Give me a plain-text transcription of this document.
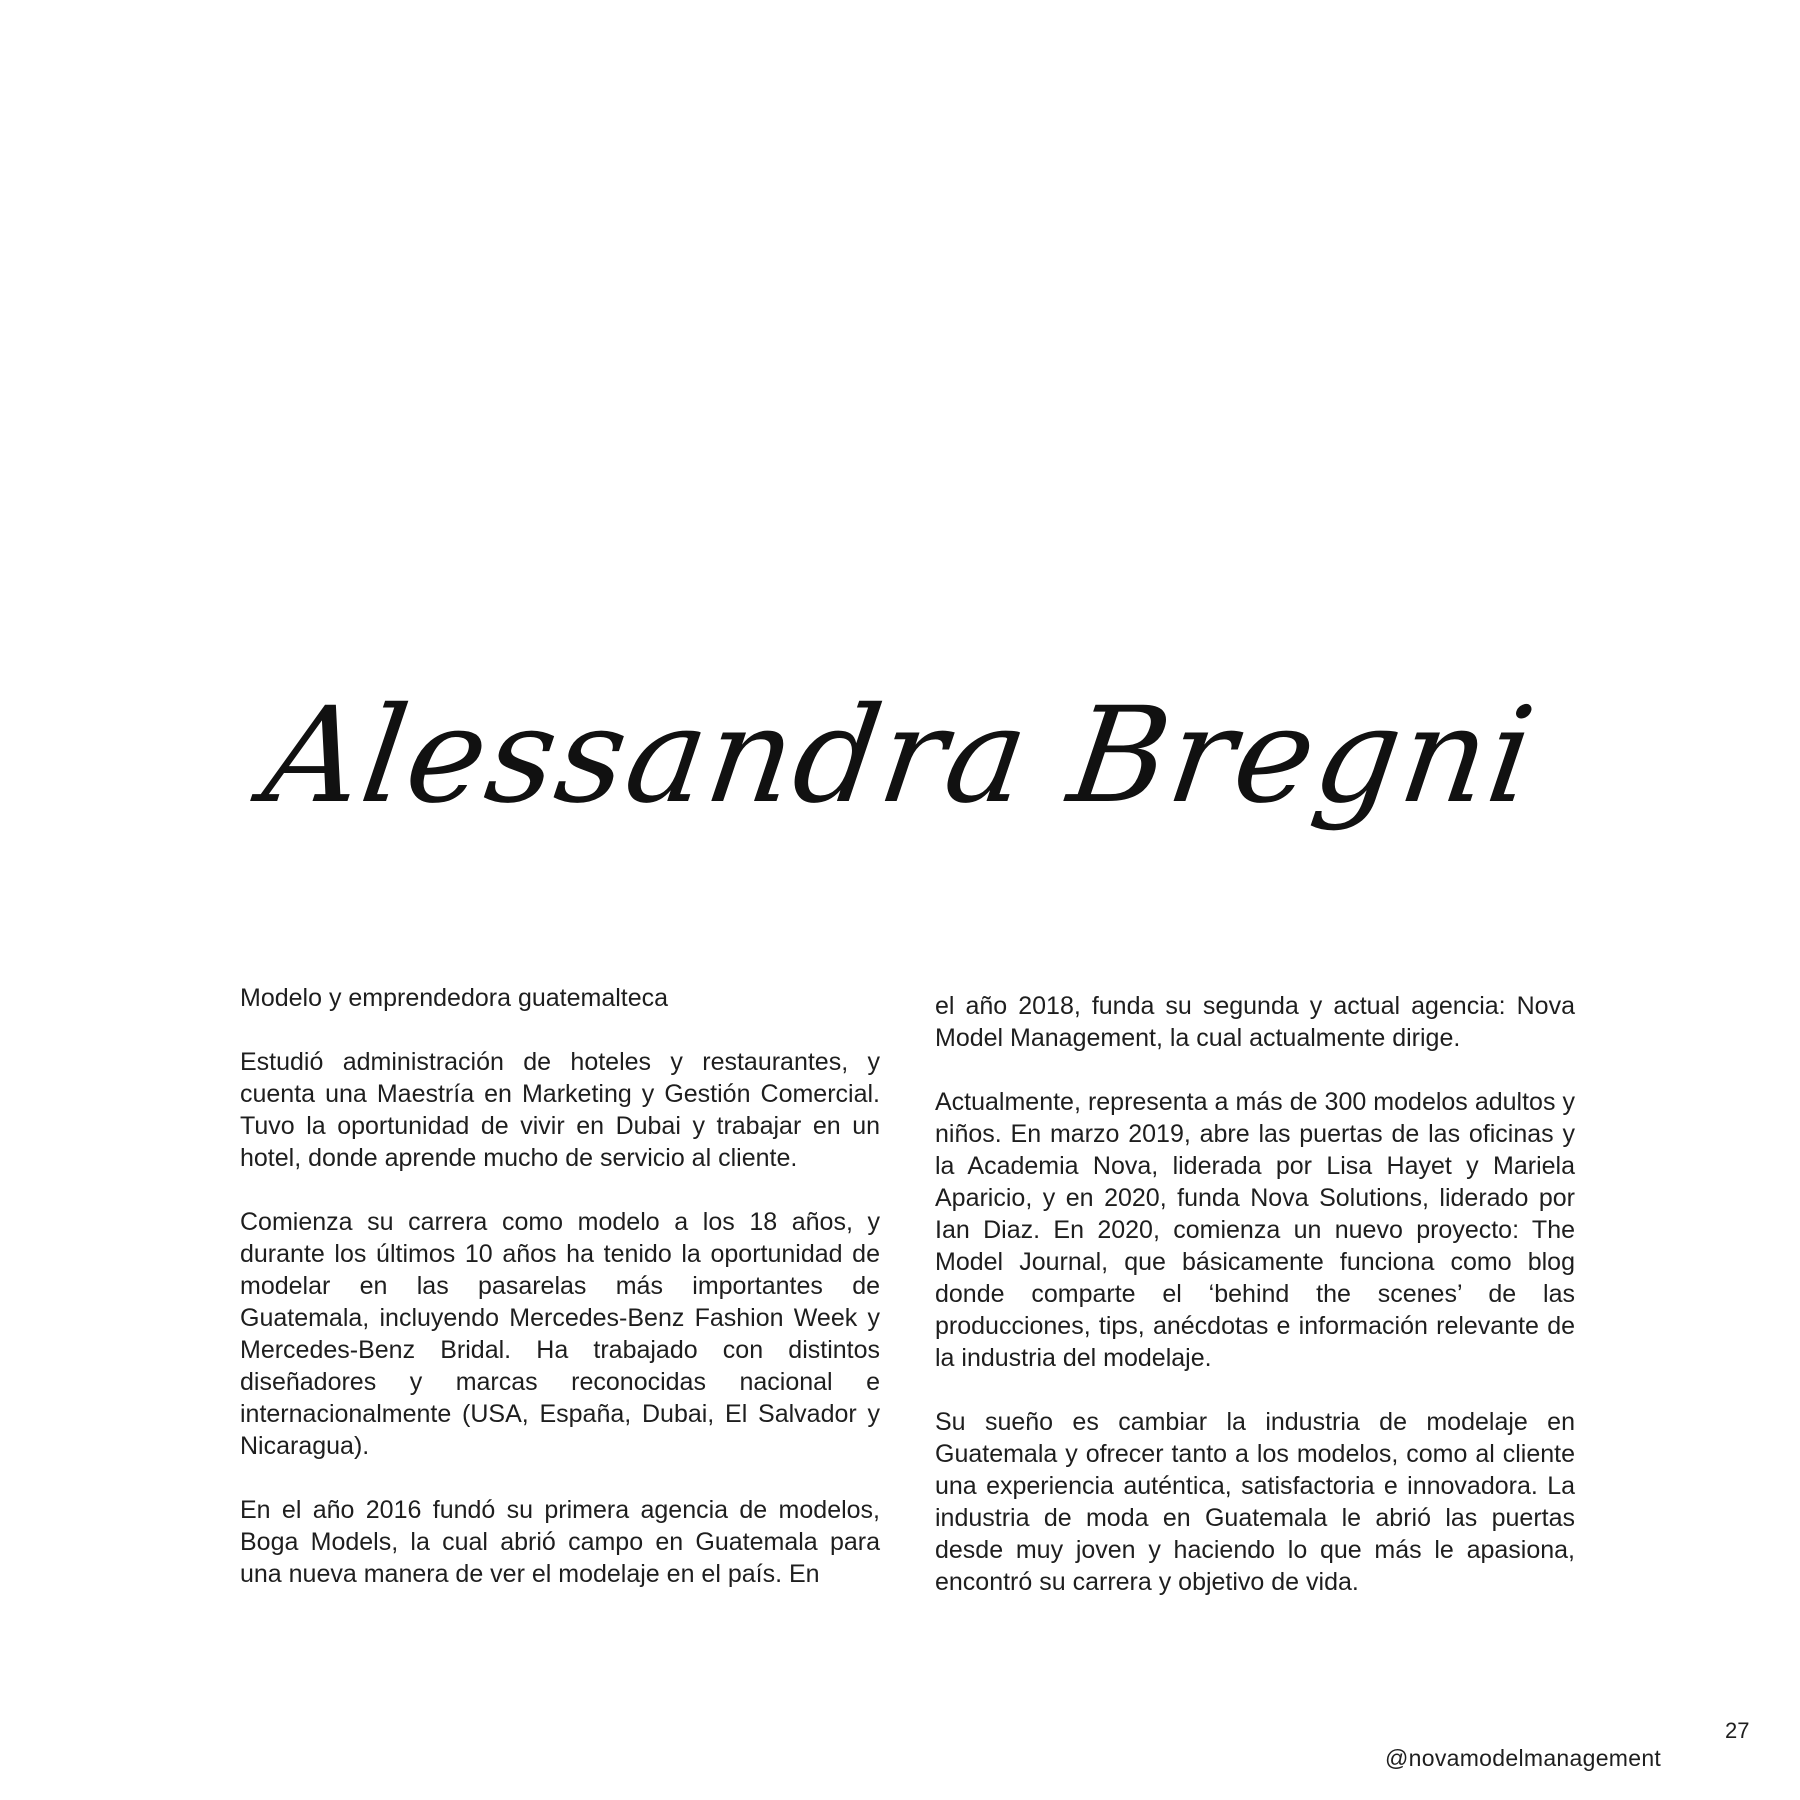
Alessandra Bregni

Modelo y emprendedora guatemalteca

Estudió administración de hoteles y restaurantes, y cuenta una Maestría en Marketing y Gestión Comercial. Tuvo la oportunidad de vivir en Dubai y trabajar en un hotel, donde aprende mucho de servicio al cliente.

Comienza su carrera como modelo a los 18 años, y durante los últimos 10 años ha tenido la oportunidad de modelar en las pasarelas más importantes de Guatemala, incluyendo Mercedes-Benz Fashion Week y Mercedes-Benz Bridal. Ha trabajado con distintos diseñadores y marcas reconocidas nacional e internacionalmente (USA, España, Dubai, El Salvador y Nicaragua).

En el año 2016 fundó su primera agencia de modelos, Boga Models, la cual abrió campo en Guatemala para una nueva manera de ver el modelaje en el país. En

el año 2018, funda su segunda y actual agencia: Nova Model Management, la cual actualmente dirige.

Actualmente, representa a más de 300 modelos adultos y niños. En marzo 2019, abre las puertas de las oficinas y la Academia Nova, liderada por Lisa Hayet y Mariela Aparicio, y en 2020, funda Nova Solutions, liderado por Ian Diaz. En 2020, comienza un nuevo proyecto: The Model Journal, que básicamente funciona como blog donde comparte el ‘behind the scenes’ de las producciones, tips, anécdotas e información relevante de la industria del modelaje.

Su sueño es cambiar la industria de modelaje en Guatemala y ofrecer tanto a los modelos, como al cliente una experiencia auténtica, satisfactoria e innovadora. La industria de moda en Guatemala le abrió las puertas desde muy joven y haciendo lo que más le apasiona, encontró su carrera y objetivo de vida.

27
@novamodelmanagement
